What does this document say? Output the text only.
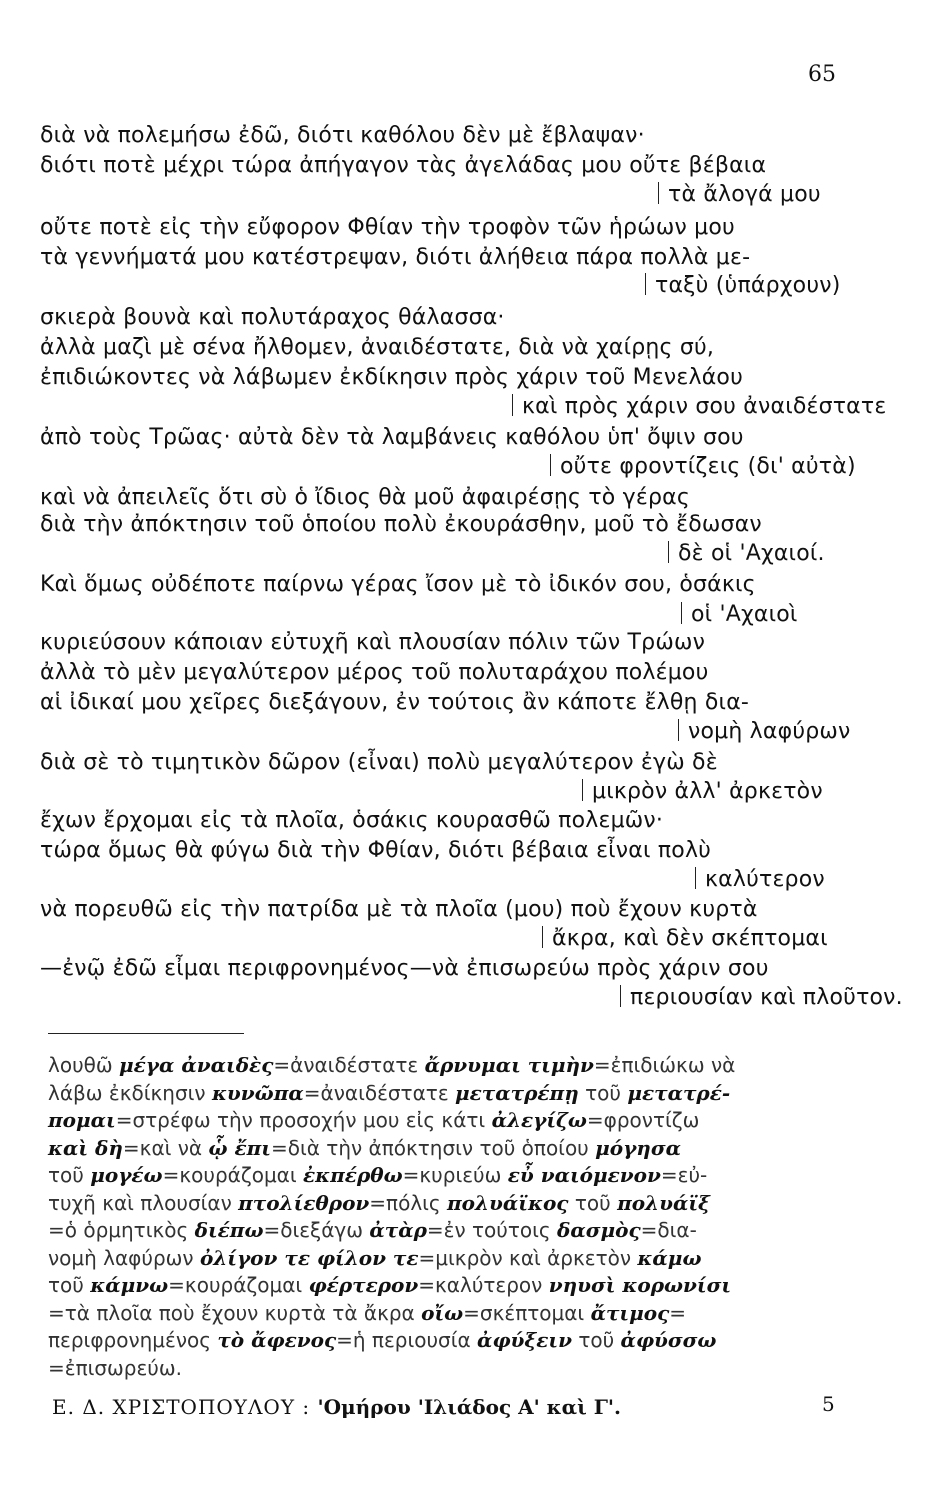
65
διὰ νὰ πολεμήσω ἐδῶ, διότι καθόλου δὲν μὲ ἔβλαψαν·
διότι ποτὲ μέχρι τώρα ἀπήγαγον τὰς ἀγελάδας μου οὔτε βέβαια
τὰ ἄλογά μου
οὔτε ποτὲ εἰς τὴν εὔφορον Φθίαν τὴν τροφὸν τῶν ἡρώων μου
τὰ γεννήματά μου κατέστρεψαν, διότι ἀλήθεια πάρα πολλὰ με-
ταξὺ (ὑπάρχουν)
σκιερὰ βουνὰ καὶ πολυτάραχος θάλασσα·
ἀλλὰ μαζὶ μὲ σένα ἤλθομεν, ἀναιδέστατε, διὰ νὰ χαίρῃς σύ,
ἐπιδιώκοντες νὰ λάβωμεν ἐκδίκησιν πρὸς χάριν τοῦ Μενελάου
καὶ πρὸς χάριν σου ἀναιδέστατε
ἀπὸ τοὺς Τρῶας· αὐτὰ δὲν τὰ λαμβάνεις καθόλου ὑπ' ὄψιν σου
οὔτε φροντίζεις (δι' αὐτὰ)
καὶ νὰ ἀπειλεῖς ὅτι σὺ ὁ ἴδιος θὰ μοῦ ἀφαιρέσῃς τὸ γέρας
διὰ τὴν ἀπόκτησιν τοῦ ὁποίου πολὺ ἐκουράσθην, μοῦ τὸ ἔδωσαν
δὲ οἱ 'Αχαιοί.
Καὶ ὅμως οὐδέποτε παίρνω γέρας ἴσον μὲ τὸ ἰδικόν σου, ὁσάκις
οἱ 'Αχαιοὶ
κυριεύσουν κάποιαν εὐτυχῆ καὶ πλουσίαν πόλιν τῶν Τρώων
ἀλλὰ τὸ μὲν μεγαλύτερον μέρος τοῦ πολυταράχου πολέμου
αἱ ἰδικαί μου χεῖρες διεξάγουν, ἐν τούτοις ἂν κάποτε ἔλθῃ δια-
νομὴ λαφύρων
διὰ σὲ τὸ τιμητικὸν δῶρον (εἶναι) πολὺ μεγαλύτερον ἐγὼ δὲ
μικρὸν ἀλλ' ἀρκετὸν
ἔχων ἔρχομαι εἰς τὰ πλοῖα, ὁσάκις κουρασθῶ πολεμῶν·
τώρα ὅμως θὰ φύγω διὰ τὴν Φθίαν, διότι βέβαια εἶναι πολὺ
καλύτερον
νὰ πορευθῶ εἰς τὴν πατρίδα μὲ τὰ πλοῖα (μου) ποὺ ἔχουν κυρτὰ
ἄκρα, καὶ δὲν σκέπτομαι
—ἐνῷ ἐδῶ εἶμαι περιφρονημένος—νὰ ἐπισωρεύω πρὸς χάριν σου
περιουσίαν καὶ πλοῦτον.
λουθῶ μέγα ἀναιδὲς=ἀναιδέστατε ἄρνυμαι τιμὴν=ἐπιδιώκω νὰ
λάβω ἐκδίκησιν κυνῶπα=ἀναιδέστατε μετατρέπῃ τοῦ μετατρέ-
πομαι=στρέφω τὴν προσοχήν μου εἰς κάτι ἀλεγίζω=φροντίζω
καὶ δὴ=καὶ νὰ ᾧ ἔπι=διὰ τὴν ἀπόκτησιν τοῦ ὁποίου μόγησα
τοῦ μογέω=κουράζομαι ἐκπέρθω=κυριεύω εὖ ναιόμενον=εὐ-
τυχῆ καὶ πλουσίαν πτολίεθρον=πόλις πολυάϊκος τοῦ πολυάϊξ
=ὁ ὁρμητικὸς διέπω=διεξάγω ἀτὰρ=ἐν τούτοις δασμὸς=δια-
νομὴ λαφύρων ὀλίγον τε φίλον τε=μικρὸν καὶ ἀρκετὸν κάμω
τοῦ κάμνω=κουράζομαι φέρτερον=καλύτερον νηυσὶ κορωνίσι
=τὰ πλοῖα ποὺ ἔχουν κυρτὰ τὰ ἄκρα οἴω=σκέπτομαι ἄτιμος=
περιφρονημένος τὸ ἄφενος=ἡ περιουσία ἀφύξειν τοῦ ἀφύσσω
=ἐπισωρεύω.
Ε. Δ. ΧΡΙΣΤΟΠΟΥΛΟΥ : 'Ομήρου 'Ιλιάδος Α' καὶ Γ'.	5
